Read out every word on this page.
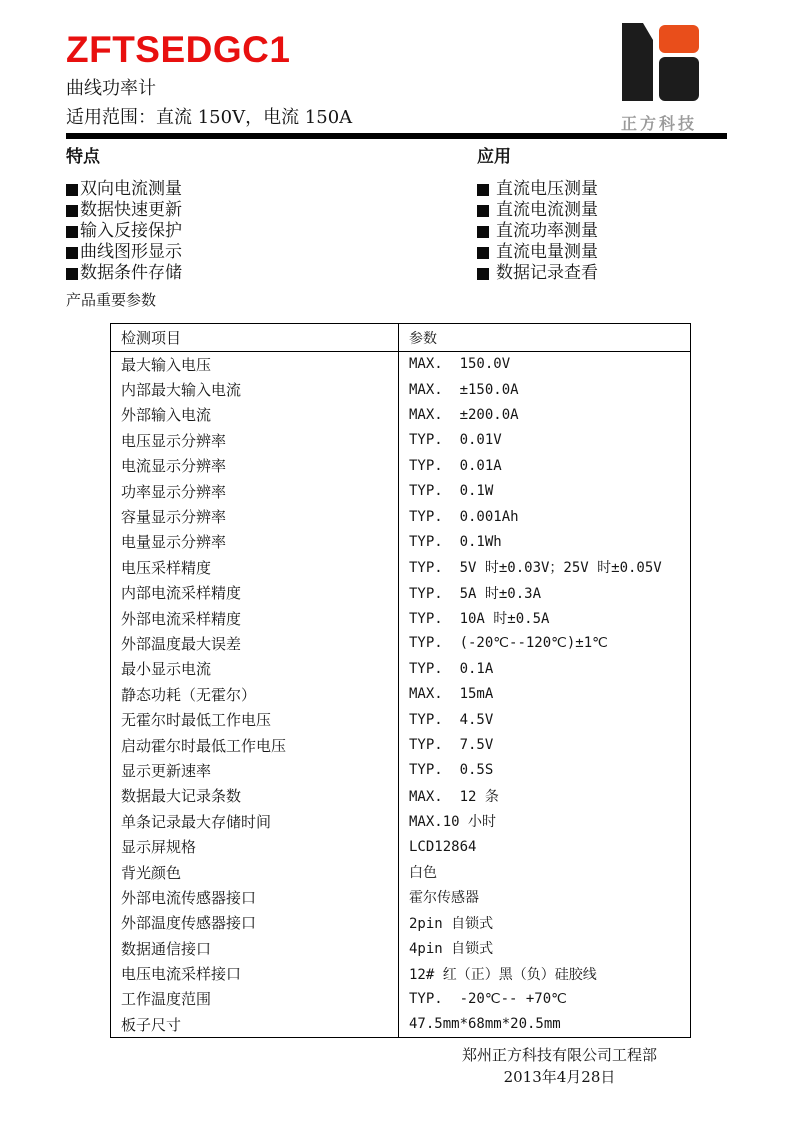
正方科技
ZFTSEDGC1
曲线功率计
适用范围：直流 150V，电流 150A
特点
双向电流测量
数据快速更新
输入反接保护
曲线图形显示
数据条件存储
应用
直流电压测量
直流电流测量
直流功率测量
直流电量测量
数据记录查看
产品重要参数
检测项目	参数
最大输入电压	MAX.  150.0V
内部最大输入电流	MAX.  ±150.0A
外部输入电流	MAX.  ±200.0A
电压显示分辨率	TYP.  0.01V
电流显示分辨率	TYP.  0.01A
功率显示分辨率	TYP.  0.1W
容量显示分辨率	TYP.  0.001Ah
电量显示分辨率	TYP.  0.1Wh
电压采样精度	TYP.  5V 时±0.03V；25V 时±0.05V
内部电流采样精度	TYP.  5A 时±0.3A
外部电流采样精度	TYP.  10A 时±0.5A
外部温度最大误差	TYP.  (-20℃--120℃)±1℃
最小显示电流	TYP.  0.1A
静态功耗（无霍尔）	MAX.  15mA
无霍尔时最低工作电压	TYP.  4.5V
启动霍尔时最低工作电压	TYP.  7.5V
显示更新速率	TYP.  0.5S
数据最大记录条数	MAX.  12 条
单条记录最大存储时间	MAX.10 小时
显示屏规格	LCD12864
背光颜色	白色
外部电流传感器接口	霍尔传感器
外部温度传感器接口	2pin 自锁式
数据通信接口	4pin 自锁式
电压电流采样接口	12# 红（正）黑（负）硅胶线
工作温度范围	TYP.  -20℃-- +70℃
板子尺寸	47.5mm*68mm*20.5mm
郑州正方科技有限公司工程部
2013年4月28日
